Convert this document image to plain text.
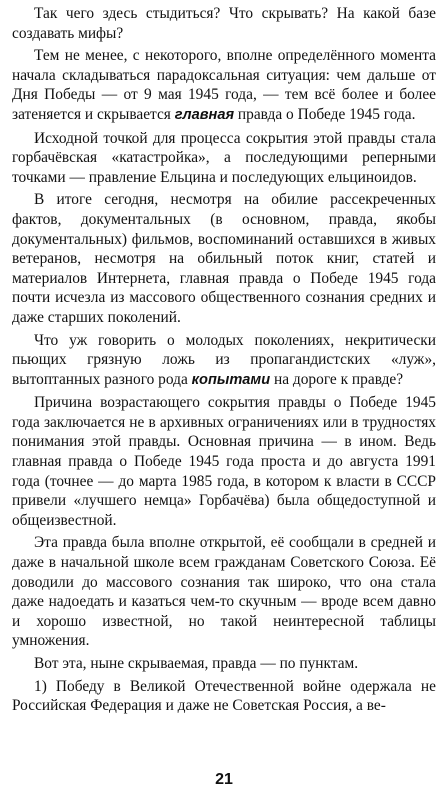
Так чего здесь стыдиться? Что скрывать? На какой базе создавать мифы?

Тем не менее, с некоторого, вполне определённого момента начала складываться парадоксальная ситуация: чем дальше от Дня Победы — от 9 мая 1945 года, — тем всё более и более затеняется и скрывается главная правда о Победе 1945 года.

Исходной точкой для процесса сокрытия этой правды стала горбачёвская «катастройка», а последующими реперными точками — правление Ельцина и последующих ельциноидов.

В итоге сегодня, несмотря на обилие рассекреченных фактов, документальных (в основном, правда, якобы документальных) фильмов, воспоминаний оставшихся в живых ветеранов, несмотря на обильный поток книг, статей и материалов Интернета, главная правда о Победе 1945 года почти исчезла из массового общественного сознания средних и даже старших поколений.

Что уж говорить о молодых поколениях, некритически пьющих грязную ложь из пропагандистских «луж», вытоптанных разного рода копытами на дороге к правде?

Причина возрастающего сокрытия правды о Победе 1945 года заключается не в архивных ограничениях или в трудностях понимания этой правды. Основная причина — в ином. Ведь главная правда о Победе 1945 года проста и до августа 1991 года (точнее — до марта 1985 года, в котором к власти в СССР привели «лучшего немца» Горбачёва) была общедоступной и общеизвестной.

Эта правда была вполне открытой, её сообщали в средней и даже в начальной школе всем гражданам Советского Союза. Её доводили до массового сознания так широко, что она стала даже надоедать и казаться чем-то скучным — вроде всем давно и хорошо известной, но такой неинтересной таблицы умножения.

Вот эта, ныне скрываемая, правда — по пунктам.

1) Победу в Великой Отечественной войне одержала не Российская Федерация и даже не Советская Россия, а ве-

21
